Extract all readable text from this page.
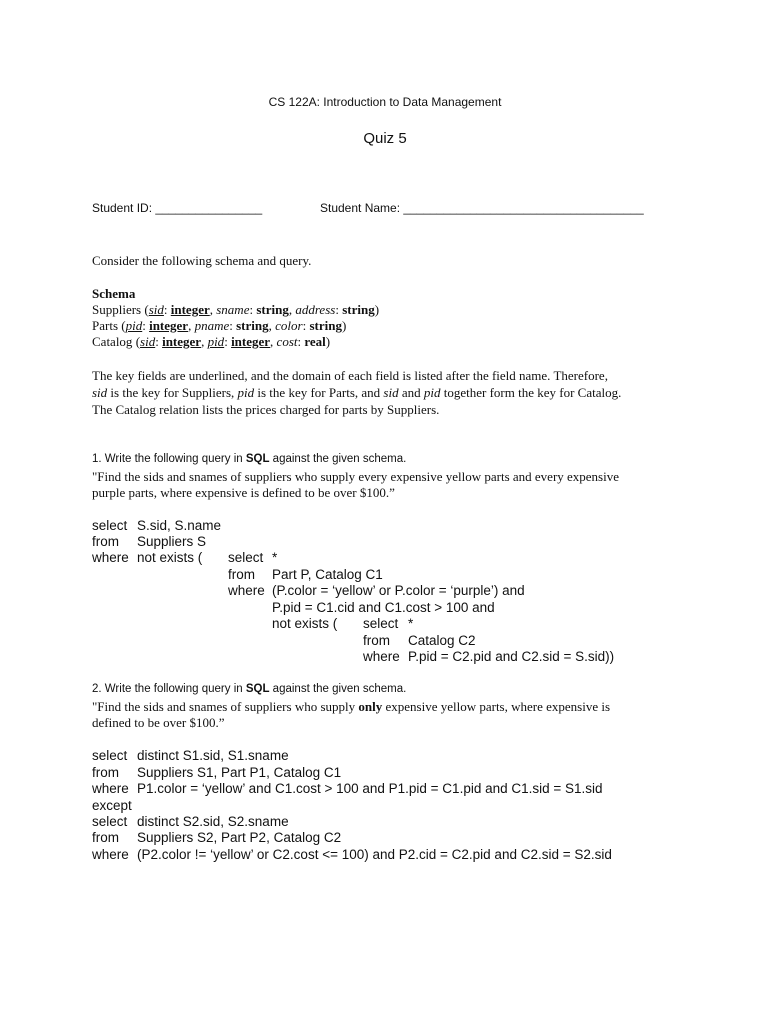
CS 122A: Introduction to Data Management
Quiz 5
Student ID: ________________	Student Name: ____________________________________
Consider the following schema and query.
Schema
Suppliers (sid: integer, sname: string, address: string)
Parts (pid: integer, pname: string, color: string)
Catalog (sid: integer, pid: integer, cost: real)
The key fields are underlined, and the domain of each field is listed after the field name. Therefore,
sid is the key for Suppliers, pid is the key for Parts, and sid and pid together form the key for Catalog.
The Catalog relation lists the prices charged for parts by Suppliers.
1. Write the following query in SQL against the given schema.
"Find the sids and snames of suppliers who supply every expensive yellow parts and every expensive
purple parts, where expensive is defined to be over $100.”
select S.sid, S.name
from Suppliers S
where not exists ( select *
from Part P, Catalog C1
where (P.color = ‘yellow’ or P.color = ‘purple’) and
P.pid = C1.cid and C1.cost > 100 and
not exists ( select *
from Catalog C2
where P.pid = C2.pid and C2.sid = S.sid))
2. Write the following query in SQL against the given schema.
"Find the sids and snames of suppliers who supply only expensive yellow parts, where expensive is
defined to be over $100.”
select distinct S1.sid, S1.sname
from Suppliers S1, Part P1, Catalog C1
where P1.color = ‘yellow’ and C1.cost > 100 and P1.pid = C1.pid and C1.sid = S1.sid
except
select distinct S2.sid, S2.sname
from Suppliers S2, Part P2, Catalog C2
where (P2.color != ‘yellow’ or C2.cost <= 100) and P2.cid = C2.pid and C2.sid = S2.sid
